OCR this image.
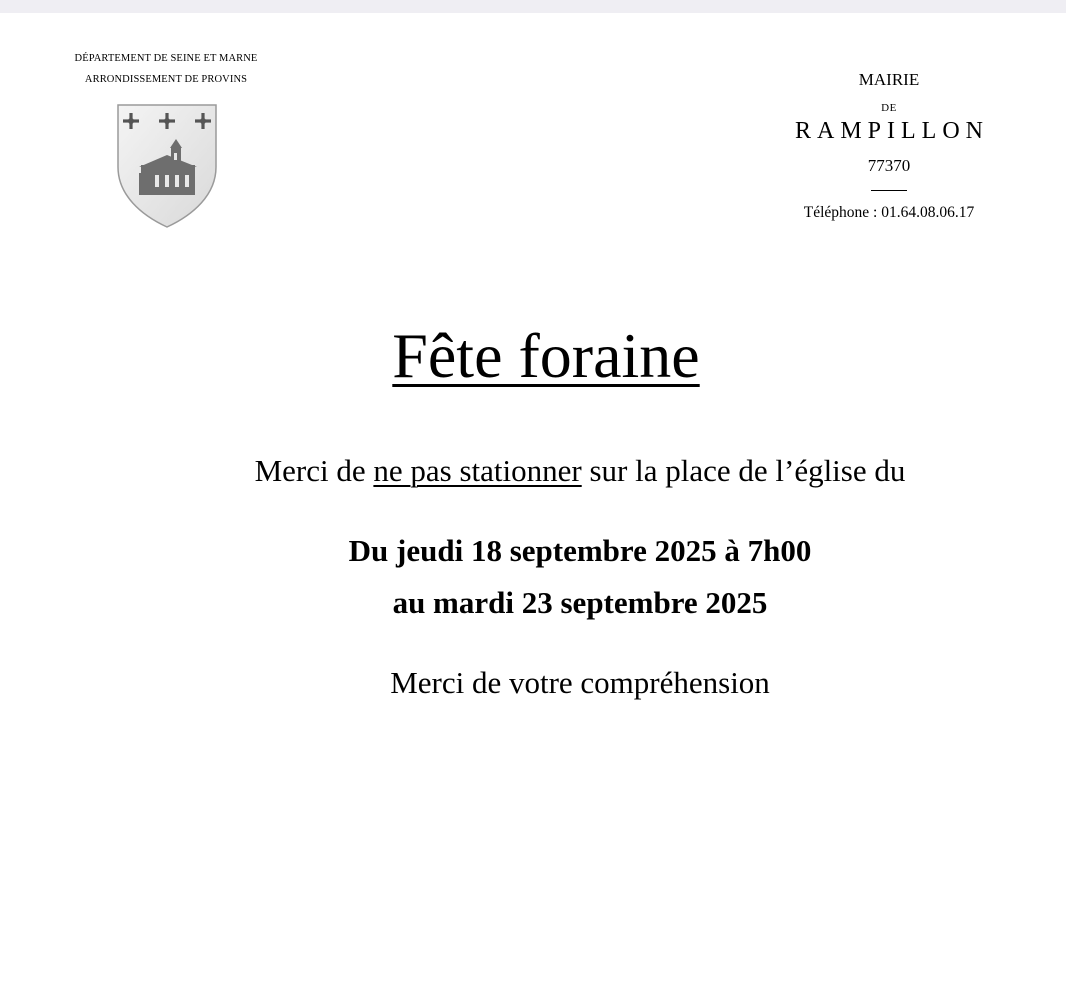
DÉPARTEMENT DE SEINE ET MARNE
ARRONDISSEMENT DE PROVINS	MAIRIE
DE
RAMPILLON
77370
Téléphone : 01.64.08.06.17
Fête foraine
Merci de ne pas stationner sur la place de l’église du
Du jeudi 18 septembre 2025 à 7h00
au mardi 23 septembre 2025
Merci de votre compréhension
